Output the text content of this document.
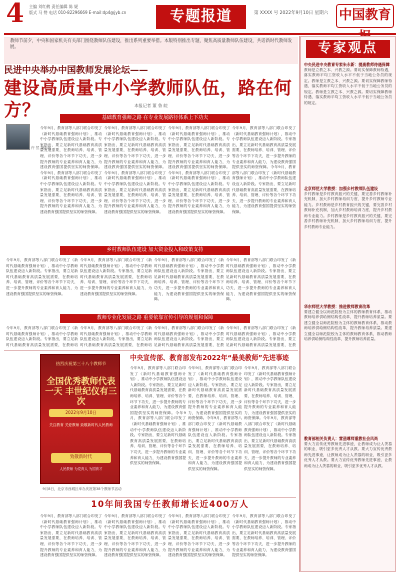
4 主编 刘红鹤 责任编辑 陈 妮
版式 马 赞 电话 010-82296669 E-mail:dp4@jyb.cn	专题报道	第 XXXX 号 2022年9月10日 星期六 中国教育

教师节前夕，中央和国家机关有关部门围绕教师队伍建设，推出系列重要举措。本版特别推出专题，聚焦高质量教师队伍建设，共话新时代教师发展。

民进中央举办中国教师发展论坛——
建设高质量中小学教师队伍，路在何方？	本报记者 董 鲁 皖
基础教育强师之路 在专业发展路径体系上下功夫
许 然 摄影报
今年9月，教育部等八部门联合印发了《新时代基础教育强师计划》，推动中小学教师队伍建设迈入新阶段。专家指出，要立足新时代基础教育高质量发展需要，在教师培养、培训、管理、评价等各个环节下功夫，进一步提升教师的专业素养和育人能力，为建设教育强国提供坚实的师资保障。今年9月，教育部等八部门联合印发了《新时代基础教育强师计划》，推动中小学教师队伍建设迈入新阶段。专家指出，要立足新时代基础教育高质量发展需要，在教师培养、培训、管理、评价等各个环节下功夫，进一步提升教师的专业素养和育人能力，为建设教育强国提供坚实的师资保障。
今年9月，教育部等八部门联合印发了《新时代基础教育强师计划》，推动中小学教师队伍建设迈入新阶段。专家指出，要立足新时代基础教育高质量发展需要，在教师培养、培训、管理、评价等各个环节下功夫，进一步提升教师的专业素养和育人能力，为建设教育强国提供坚实的师资保障。今年9月，教育部等八部门联合印发了《新时代基础教育强师计划》，推动中小学教师队伍建设迈入新阶段。专家指出，要立足新时代基础教育高质量发展需要，在教师培养、培训、管理、评价等各个环节下功夫，进一步提升教师的专业素养和育人能力，为建设教育强国提供坚实的师资保障。
今年9月，教育部等八部门联合印发了《新时代基础教育强师计划》，推动中小学教师队伍建设迈入新阶段。专家指出，要立足新时代基础教育高质量发展需要，在教师培养、培训、管理、评价等各个环节下功夫，进一步提升教师的专业素养和育人能力，为建设教育强国提供坚实的师资保障。今年9月，教育部等八部门联合印发了《新时代基础教育强师计划》，推动中小学教师队伍建设迈入新阶段。专家指出，要立足新时代基础教育高质量发展需要，在教师培养、培训、管理、评价等各个环节下功夫，进一步提升教师的专业素养和育人能力，为建设教育强国提供坚实的师资保障。
今年9月，教育部等八部门联合印发了《新时代基础教育强师计划》，推动中小学教师队伍建设迈入新阶段。专家指出，要立足新时代基础教育高质量发展需要，在教师培养、培训、管理、评价等各个环节下功夫，进一步提升教师的专业素养和育人能力，为建设教育强国提供坚实的师资保障。今年9月，教育部等八部门联合印发了《新时代基础教育强师计划》，推动中小学教师队伍建设迈入新阶段。专家指出，要立足新时代基础教育高质量发展需要，在教师培养、培训、管理、评价等各个环节下功夫，进一步提升教师的专业素养和育人能力，为建设教育强国提供坚实的师资保障。
乡村教师队伍建设 加大资金投入和政策支持
今年9月，教育部等八部门联合印发了《新时代基础教育强师计划》，推动中小学教师队伍建设迈入新阶段。专家指出，要立足新时代基础教育高质量发展需要，在教师培养、培训、管理、评价等各个环节下功夫，进一步提升教师的专业素养和育人能力，为建设教育强国提供坚实的师资保障。
今年9月，教育部等八部门联合印发了《新时代基础教育强师计划》，推动中小学教师队伍建设迈入新阶段。专家指出，要立足新时代基础教育高质量发展需要，在教师培养、培训、管理、评价等各个环节下功夫，进一步提升教师的专业素养和育人能力，为建设教育强国提供坚实的师资保障。
今年9月，教育部等八部门联合印发了《新时代基础教育强师计划》，推动中小学教师队伍建设迈入新阶段。专家指出，要立足新时代基础教育高质量发展需要，在教师培养、培训、管理、评价等各个环节下功夫，进一步提升教师的专业素养和育人能力，为建设教育强国提供坚实的师资保障。
今年9月，教育部等八部门联合印发了《新时代基础教育强师计划》，推动中小学教师队伍建设迈入新阶段。专家指出，要立足新时代基础教育高质量发展需要，在教师培养、培训、管理、评价等各个环节下功夫，进一步提升教师的专业素养和育人能力，为建设教育强国提供坚实的师资保障。
教师专业化发展之路 重要依靠宣传引导的规划和保障
今年9月，教育部等八部门联合印发了《新时代基础教育强师计划》，推动中小学教师队伍建设迈入新阶段。专家指出，要立足新时代基础教育高质量发展需要，在教师培
今年9月，教育部等八部门联合印发了《新时代基础教育强师计划》，推动中小学教师队伍建设迈入新阶段。专家指出，要立足新时代基础教育高质量发展需要，在教师培
今年9月，教育部等八部门联合印发了《新时代基础教育强师计划》，推动中小学教师队伍建设迈入新阶段。专家指出，要立足新时代基础教育高质量发展需要，在教
今年9月，教育部等八部门联合印发了《新时代基础教育强师计划》，推动中小学教师队伍建设迈入新阶段。专家指出，要立足新时代基础教育高质量发展需要，在教
热烈庆祝第三十八个教师节
全国优秀教师代表一天 丰世纪仪有三次
2022年9月10日
关注教育 关爱教师 致敬新时代人民教师
致敬新时代
人民教师 为党育人 为国育才
9月8日，北京市西城区举办庆祝第38个教师节活动
中央宣传部、教育部发布2022年“最美教师”先进事迹
今年9月，教育部等八部门联合印发了《新时代基础教育强师计划》，推动中小学教师队伍建设迈入新阶段。专家指出，要立足新时代基础教育高质量发展需要，在教师培养、培训、管理、评价等各个环节下功夫，进一步提升教师的专业素养和育人能力，为建设教育强国提供坚实的师资保障。今年9月，教育部等八部门联合印发了《新时代基础教育强师计划》，推动中小学教师队伍建设迈入新阶段。专家指出，要立足新时代基础教育高质量发展需要，在教师培养、培训、管理、评价等各个环节下功夫，进一步提升教师的专业素养和育人能力，为建设教育强国提供坚实的师资保障。
今年9月，教育部等八部门联合印发了《新时代基础教育强师计划》，推动中小学教师队伍建设迈入新阶段。专家指出，要立足新时代基础教育高质量发展需要，在教师培养、培训、管理、评价等各个环节下功夫，进一步提升教师的专业素养和育人能力，为建设教育强国提供坚实的师资保障。今年9月，教育部等八部门联合印发了《新时代基础教育强师计划》，推动中小学教师队伍建设迈入新阶段。专家指出，要立足新时代基础教育高质量发展需要，在教师培养、培训、管理、评价等各个环节下功夫，进一步提升教师的专业素养和育人能力，为建设教育强国提供坚实的师资保障。
今年9月，教育部等八部门联合印发了《新时代基础教育强师计划》，推动中小学教师队伍建设迈入新阶段。专家指出，要立足新时代基础教育高质量发展需要，在教师培养、培训、管理、评价等各个环节下功夫，进一步提升教师的专业素养和育人能力，为建设教育强国提供坚实的师资保障。今年9月，教育部等八部门联合印发了《新时代基础教育强师计划》，推动中小学教师队伍建设迈入新阶段。专家指出，要立足新时代基础教育高质量发展需要，在教师培养、培训、管理、评价等各个环节下功夫，进一步提升教师的专业素养和育人能力，为建设教育强国提供坚实的师资保障。
10年间我国专任教师增长近400万人
今年9月，教育部等八部门联合印发了《新时代基础教育强师计划》，推动中小学教师队伍建设迈入新阶段。专家指出，要立足新时代基础教育高质量发展需要，在教师培养、培训、管理、评价等各个环节下功夫，进一步提升教师的专业素养和育人能力，为建设教育强国提供坚实的师资保障。
今年9月，教育部等八部门联合印发了《新时代基础教育强师计划》，推动中小学教师队伍建设迈入新阶段。专家指出，要立足新时代基础教育高质量发展需要，在教师培养、培训、管理、评价等各个环节下功夫，进一步提升教师的专业素养和育人能力，为建设教育强国提供坚实的师资保障。
今年9月，教育部等八部门联合印发了《新时代基础教育强师计划》，推动中小学教师队伍建设迈入新阶段。专家指出，要立足新时代基础教育高质量发展需要，在教师培养、培训、管理、评价等各个环节下功夫，进一步提升教师的专业素养和育人能力，为建设教育强国提供坚实的师资保障。
今年9月，教育部等八部门联合印发了《新时代基础教育强师计划》，推动中小学教师队伍建设迈入新阶段。专家指出，要立足新时代基础教育高质量发展需要，在教师培养、培训、管理、评价等各个环节下功夫，进一步提升教师的专业素养和育人能力，为建设教育强国提供坚实的师资保障。
专家观点
中央民进中央教育专家朱永新：提高教师待遇保障
教师是立教之本、兴教之源。要切实保障教师待遇，落实教师平均工资收入水平不低于当地公务员的规定。教师是立教之本、兴教之源。要切实保障教师待遇，落实教师平均工资收入水平不低于当地公务员的规定。教师是立教之本、兴教之源。要切实保障教师待遇，落实教师平均工资收入水平不低于当地公务员的规定。
北京师范大学教授：加强乡村教师队伍建设
乡村教师是乡村教育振兴的关键，要完善乡村教师补充机制，加大乡村教师培训力度，提升乡村教师专业能力。乡村教师是乡村教育振兴的关键，要完善乡村教师补充机制，加大乡村教师培训力度，提升乡村教师专业能力。乡村教师是乡村教育振兴的关键，要完善乡村教师补充机制，加大乡村教师培训力度，提升乡村教师专业能力。
华东师范大学教授：推进教师教育改革
要建立健全以师范院校为主体的教师教育体系，推动教师培养供给侧结构性改革，提升教师培养质量。要建立健全以师范院校为主体的教师教育体系，推动教师培养供给侧结构性改革，提升教师培养质量。要建立健全以师范院校为主体的教师教育体系，推动教师培养供给侧结构性改革，提升教师培养质量。
教育部相关负责人：营造尊师重教社会风尚
要大力宣传优秀教师先进事迹，让教师成为让人羡慕的职业，吸引更多优秀人才从教。要大力宣传优秀教师先进事迹，让教师成为让人羡慕的职业，吸引更多优秀人才从教。要大力宣传优秀教师先进事迹，让教师成为让人羡慕的职业，吸引更多优秀人才从教。
